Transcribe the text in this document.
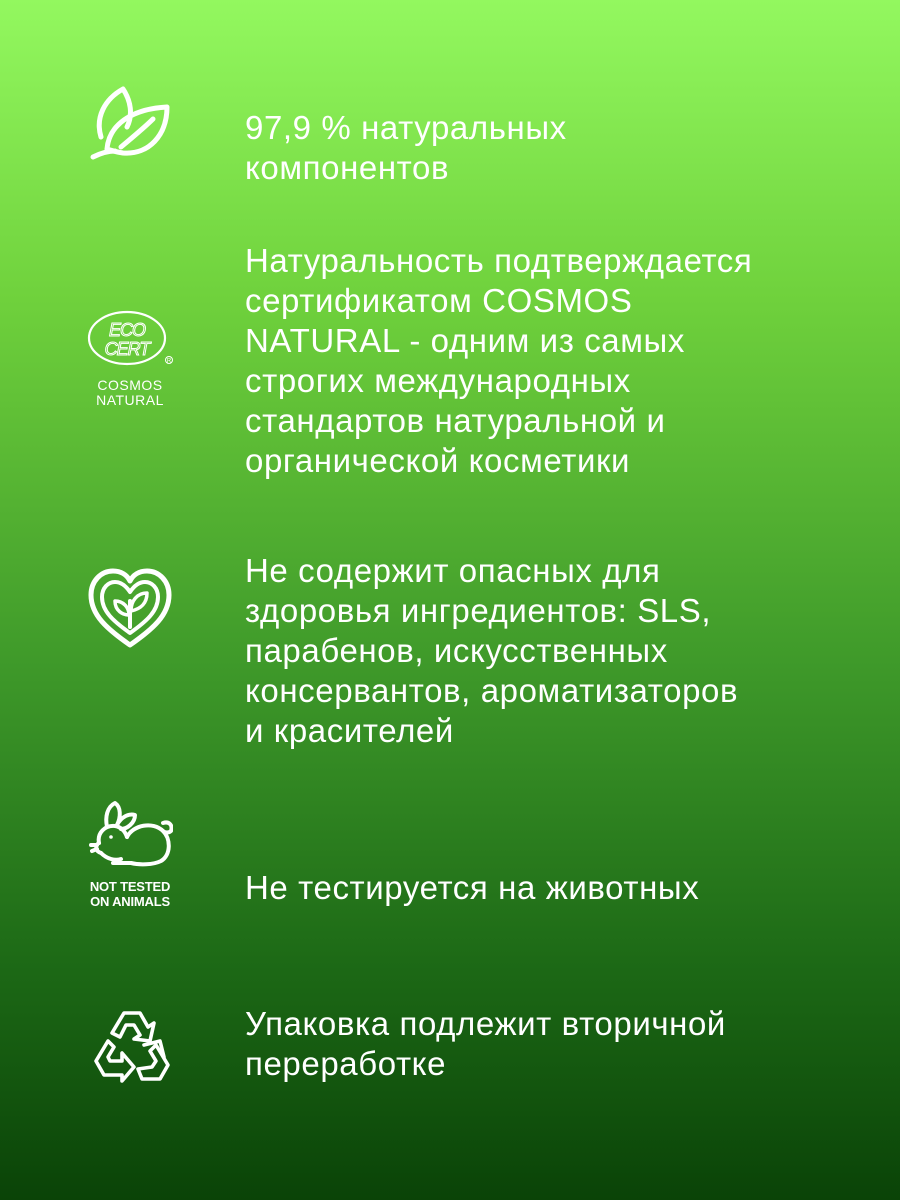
97,9 % натуральных
компонентов
ECO
CERT
R
COSMOS
NATURAL
Натуральность подтверждается
сертификатом COSMOS
NATURAL - одним из самых
строгих международных
стандартов натуральной и
органической косметики
Не содержит опасных для
здоровья ингредиентов: SLS,
парабенов, искусственных
консервантов, ароматизаторов
и красителей
NOT TESTED
ON ANIMALS Не тестируется на животных
Упаковка подлежит вторичной
переработке
